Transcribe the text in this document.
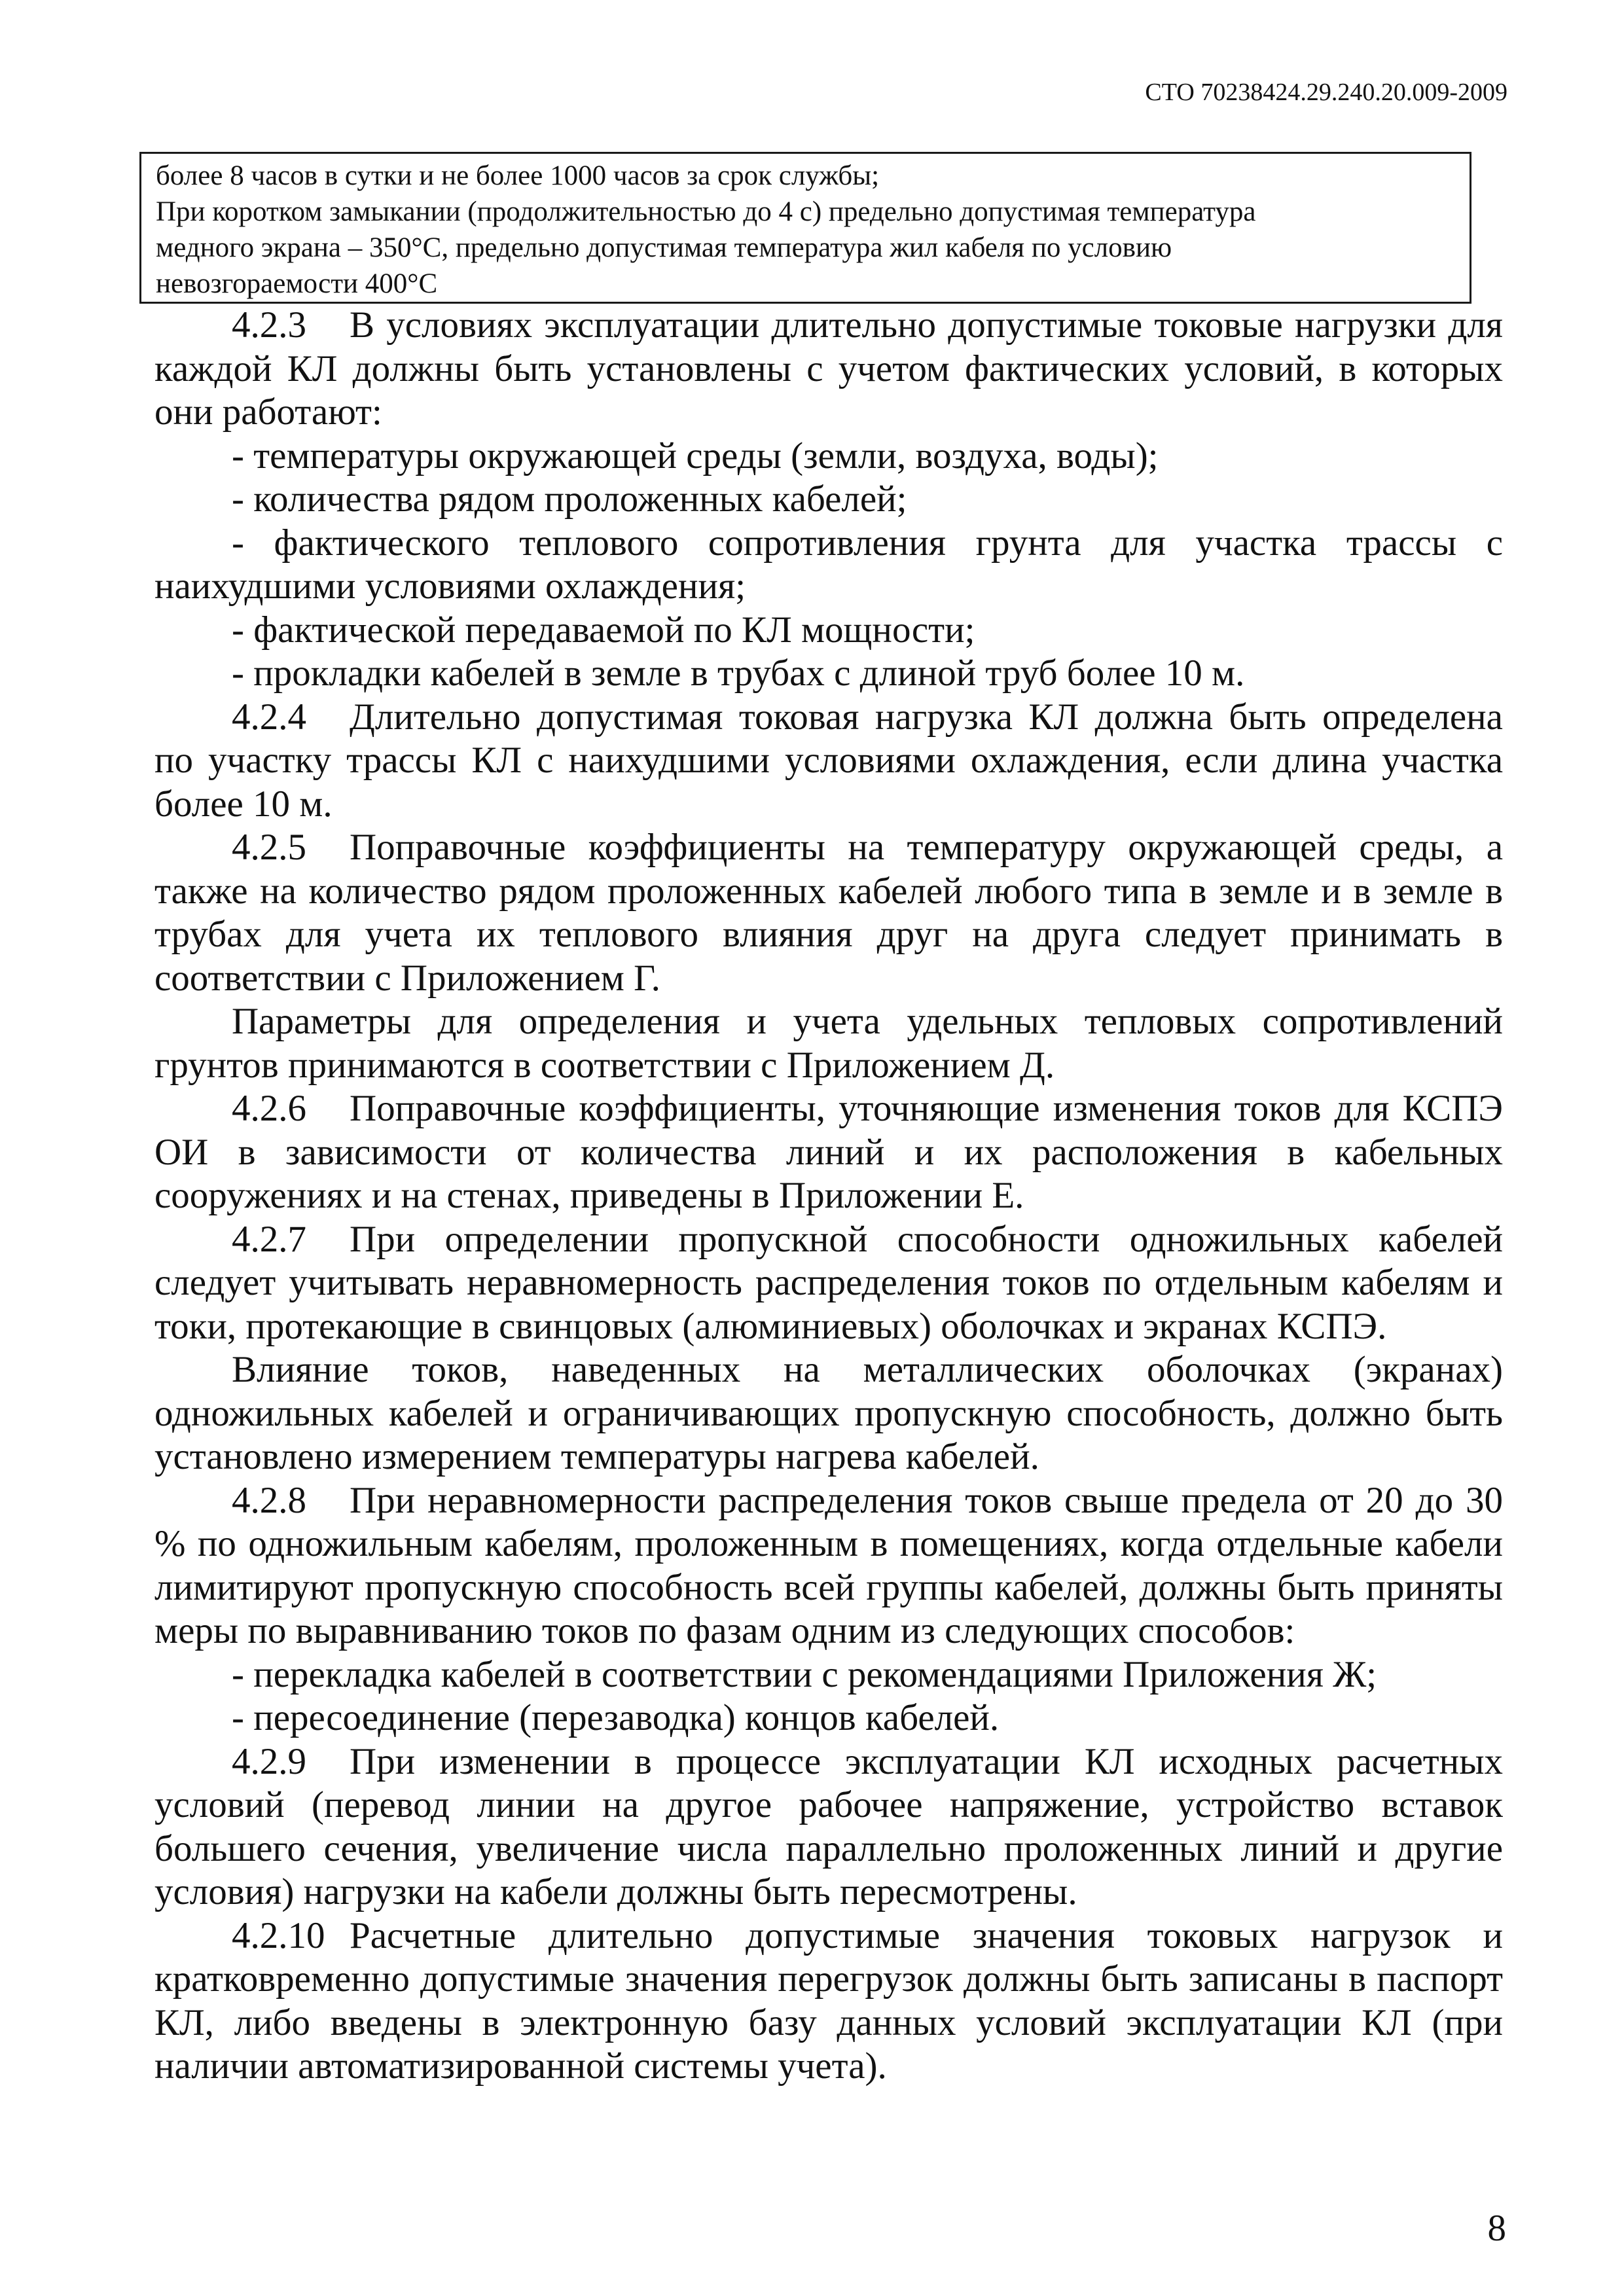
СТО 70238424.29.240.20.009-2009
более 8 часов в сутки и не более 1000 часов за срок службы;
При коротком замыкании (продолжительностью до 4 с) предельно допустимая температура
медного экрана – 350°С, предельно допустимая температура жил кабеля по условию
невозгораемости 400°С

4.2.3 В условиях эксплуатации длительно допустимые токовые нагрузки для каждой КЛ должны быть установлены с учетом фактических условий, в которых они работают:

- температуры окружающей среды (земли, воздуха, воды);

- количества рядом проложенных кабелей;

- фактического теплового сопротивления грунта для участка трассы с наихудшими условиями охлаждения;

- фактической передаваемой по КЛ мощности;

- прокладки кабелей в земле в трубах с длиной труб более 10 м.

4.2.4 Длительно допустимая токовая нагрузка КЛ должна быть определена по участку трассы КЛ с наихудшими условиями охлаждения, если длина участка более 10 м.

4.2.5 Поправочные коэффициенты на температуру окружающей среды, а также на количество рядом проложенных кабелей любого типа в земле и в земле в трубах для учета их теплового влияния друг на друга следует принимать в соответствии с Приложением Г.

Параметры для определения и учета удельных тепловых сопротивлений грунтов принимаются в соответствии с Приложением Д.

4.2.6 Поправочные коэффициенты, уточняющие изменения токов для КСПЭ ОИ в зависимости от количества линий и их расположения в кабельных сооружениях и на стенах, приведены в Приложении Е.

4.2.7 При определении пропускной способности одножильных кабелей следует учитывать неравномерность распределения токов по отдельным кабелям и токи, протекающие в свинцовых (алюминиевых) оболочках и экранах КСПЭ.

Влияние токов, наведенных на металлических оболочках (экранах) одножильных кабелей и ограничивающих пропускную способность, должно быть установлено измерением температуры нагрева кабелей.

4.2.8 При неравномерности распределения токов свыше предела от 20 до 30 % по одножильным кабелям, проложенным в помещениях, когда отдельные кабели лимитируют пропускную способность всей группы кабелей, должны быть приняты меры по выравниванию токов по фазам одним из следующих способов:

- перекладка кабелей в соответствии с рекомендациями Приложения Ж;

- пересоединение (перезаводка) концов кабелей.

4.2.9 При изменении в процессе эксплуатации КЛ исходных расчетных условий (перевод линии на другое рабочее напряжение, устройство вставок большего сечения, увеличение числа параллельно проложенных линий и другие условия) нагрузки на кабели должны быть пересмотрены.

4.2.10 Расчетные длительно допустимые значения токовых нагрузок и кратковременно допустимые значения перегрузок должны быть записаны в паспорт КЛ, либо введены в электронную базу данных условий эксплуатации КЛ (при наличии автоматизированной системы учета).

8
